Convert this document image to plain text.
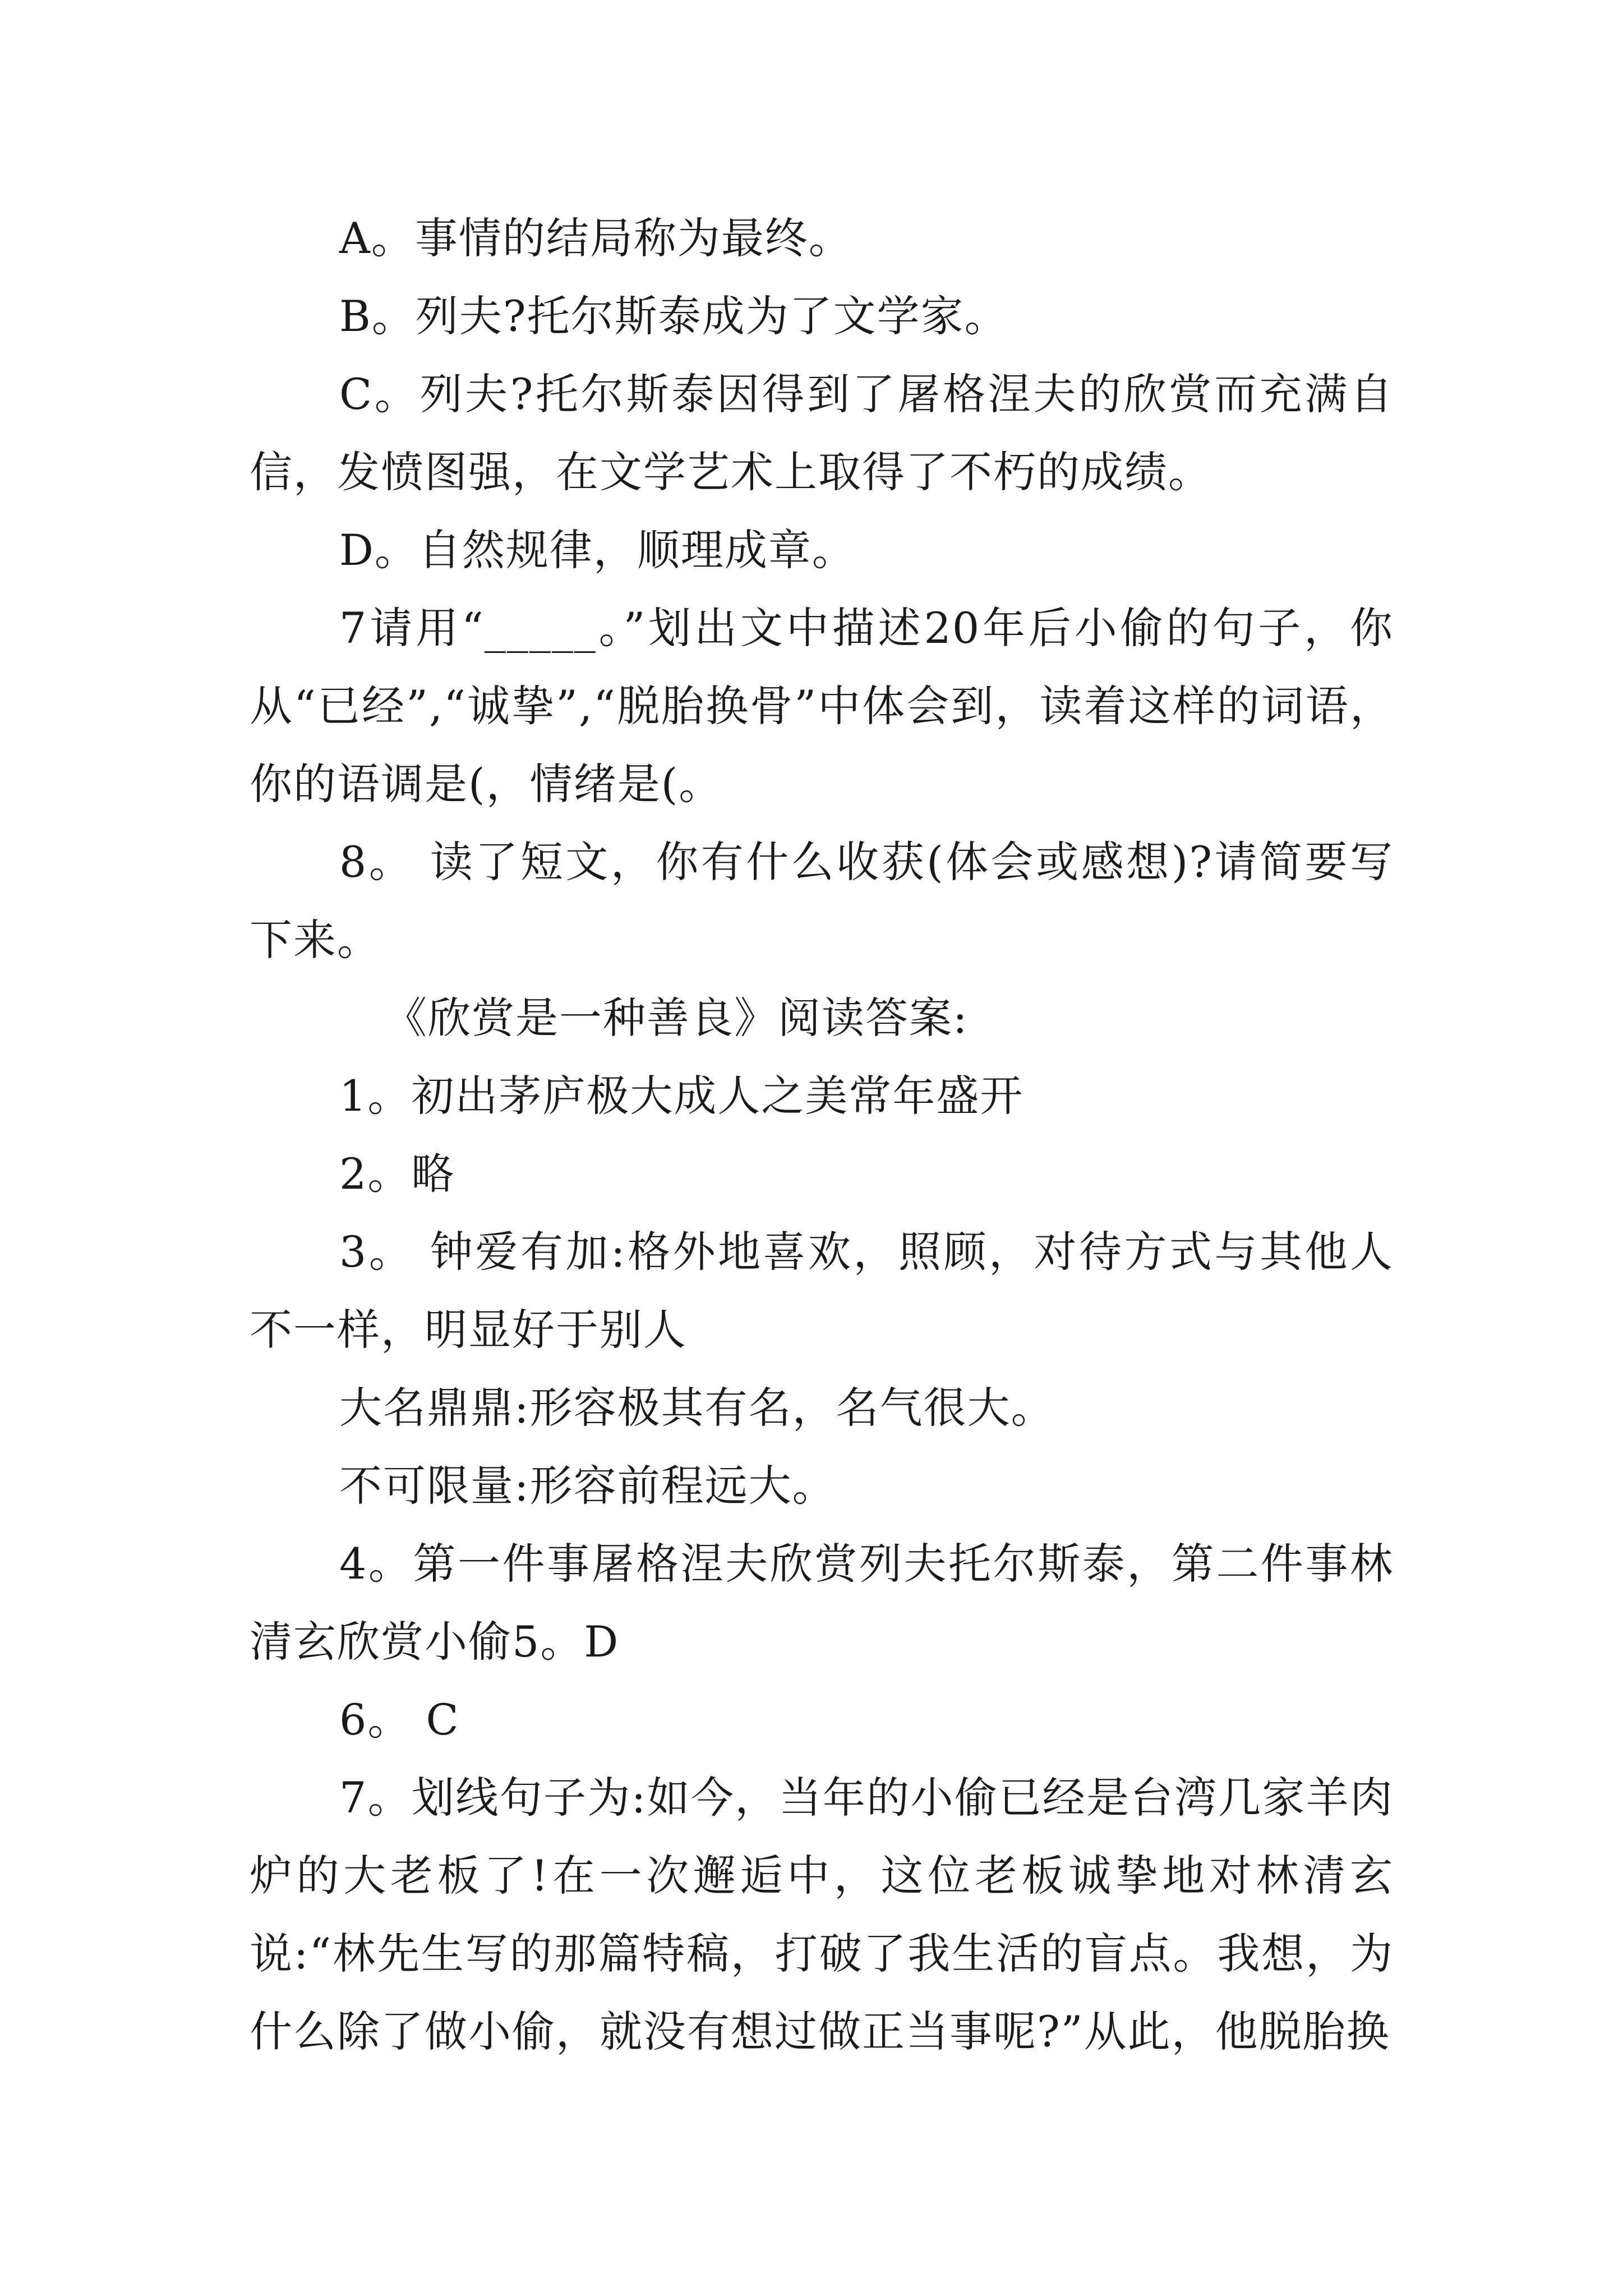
A。事情的结局称为最终。

B。列夫?托尔斯泰成为了文学家。

C。列夫?托尔斯泰因得到了屠格涅夫的欣赏而充满自信，发愤图强，在文学艺术上取得了不朽的成绩。

D。自然规律，顺理成章。

7请用“_____。”划出文中描述20年后小偷的句子，你从“已经”,“诚挚”,“脱胎换骨”中体会到，读着这样的词语，你的语调是(，情绪是(。

8。 读了短文，你有什么收获(体会或感想)?请简要写下来。

《欣赏是一种善良》阅读答案:

1。初出茅庐极大成人之美常年盛开

2。略

3。 钟爱有加:格外地喜欢，照顾，对待方式与其他人不一样，明显好于别人

大名鼎鼎:形容极其有名，名气很大。

不可限量:形容前程远大。

4。第一件事屠格涅夫欣赏列夫托尔斯泰，第二件事林清玄欣赏小偷5。D

6。 C

7。划线句子为:如今，当年的小偷已经是台湾几家羊肉炉的大老板了!在一次邂逅中，这位老板诚挚地对林清玄说:“林先生写的那篇特稿，打破了我生活的盲点。我想，为什么除了做小偷，就没有想过做正当事呢?”从此，他脱胎换
